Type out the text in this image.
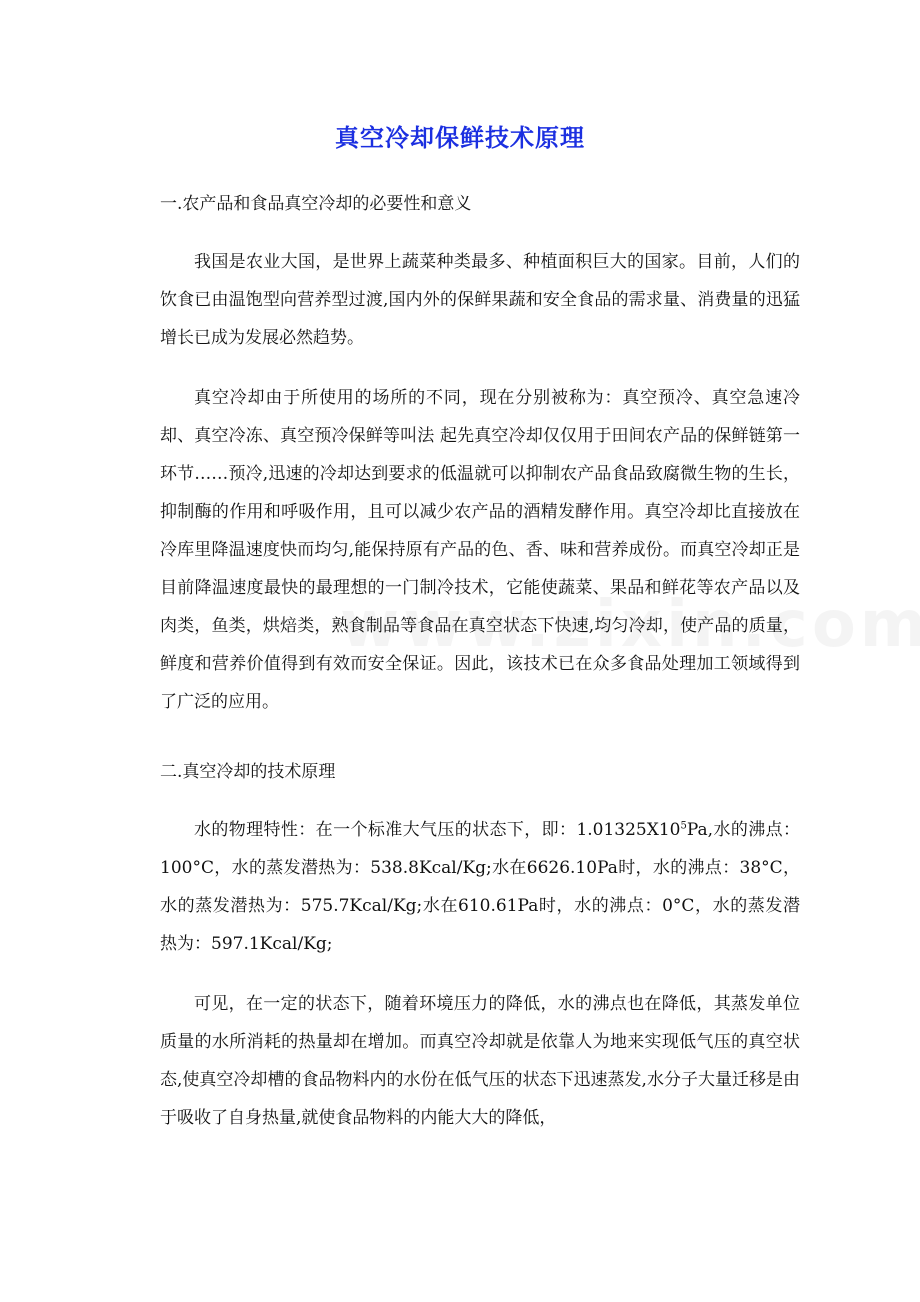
真空冷却保鲜技术原理

一.农产品和食品真空冷却的必要性和意义

我国是农业大国，是世界上蔬菜种类最多、种植面积巨大的国家。目前，人们的饮食已由温饱型向营养型过渡,国内外的保鲜果蔬和安全食品的需求量、消费量的迅猛增长已成为发展必然趋势。

真空冷却由于所使用的场所的不同，现在分别被称为：真空预冷、真空急速冷却、真空冷冻、真空预冷保鲜等叫法 起先真空冷却仅仅用于田间农产品的保鲜链第一环节……预冷,迅速的冷却达到要求的低温就可以抑制农产品食品致腐微生物的生长，抑制酶的作用和呼吸作用，且可以减少农产品的酒精发酵作用。真空冷却比直接放在冷库里降温速度快而均匀,能保持原有产品的色、香、味和营养成份。而真空冷却正是目前降温速度最快的最理想的一门制冷技术，它能使蔬菜、果品和鲜花等农产品以及肉类，鱼类，烘焙类，熟食制品等食品在真空状态下快速,均匀冷却，使产品的质量，鲜度和营养价值得到有效而安全保证。因此，该技术已在众多食品处理加工领域得到了广泛的应用。

二.真空冷却的技术原理

水的物理特性：在一个标准大气压的状态下，即：$1.01325X10^5Pa$,水的沸点：100°C，水的蒸发潜热为：538.8Kcal/Kg;水在6626.10Pa时，水的沸点：38°C，水的蒸发潜热为：575.7Kcal/Kg;水在610.61Pa时，水的沸点：0°C，水的蒸发潜热为：597.1Kcal/Kg;

可见，在一定的状态下，随着环境压力的降低，水的沸点也在降低，其蒸发单位质量的水所消耗的热量却在增加。而真空冷却就是依靠人为地来实现低气压的真空状态,使真空冷却槽的食品物料内的水份在低气压的状态下迅速蒸发,水分子大量迁移是由于吸收了自身热量,就使食品物料的内能大大的降低，
